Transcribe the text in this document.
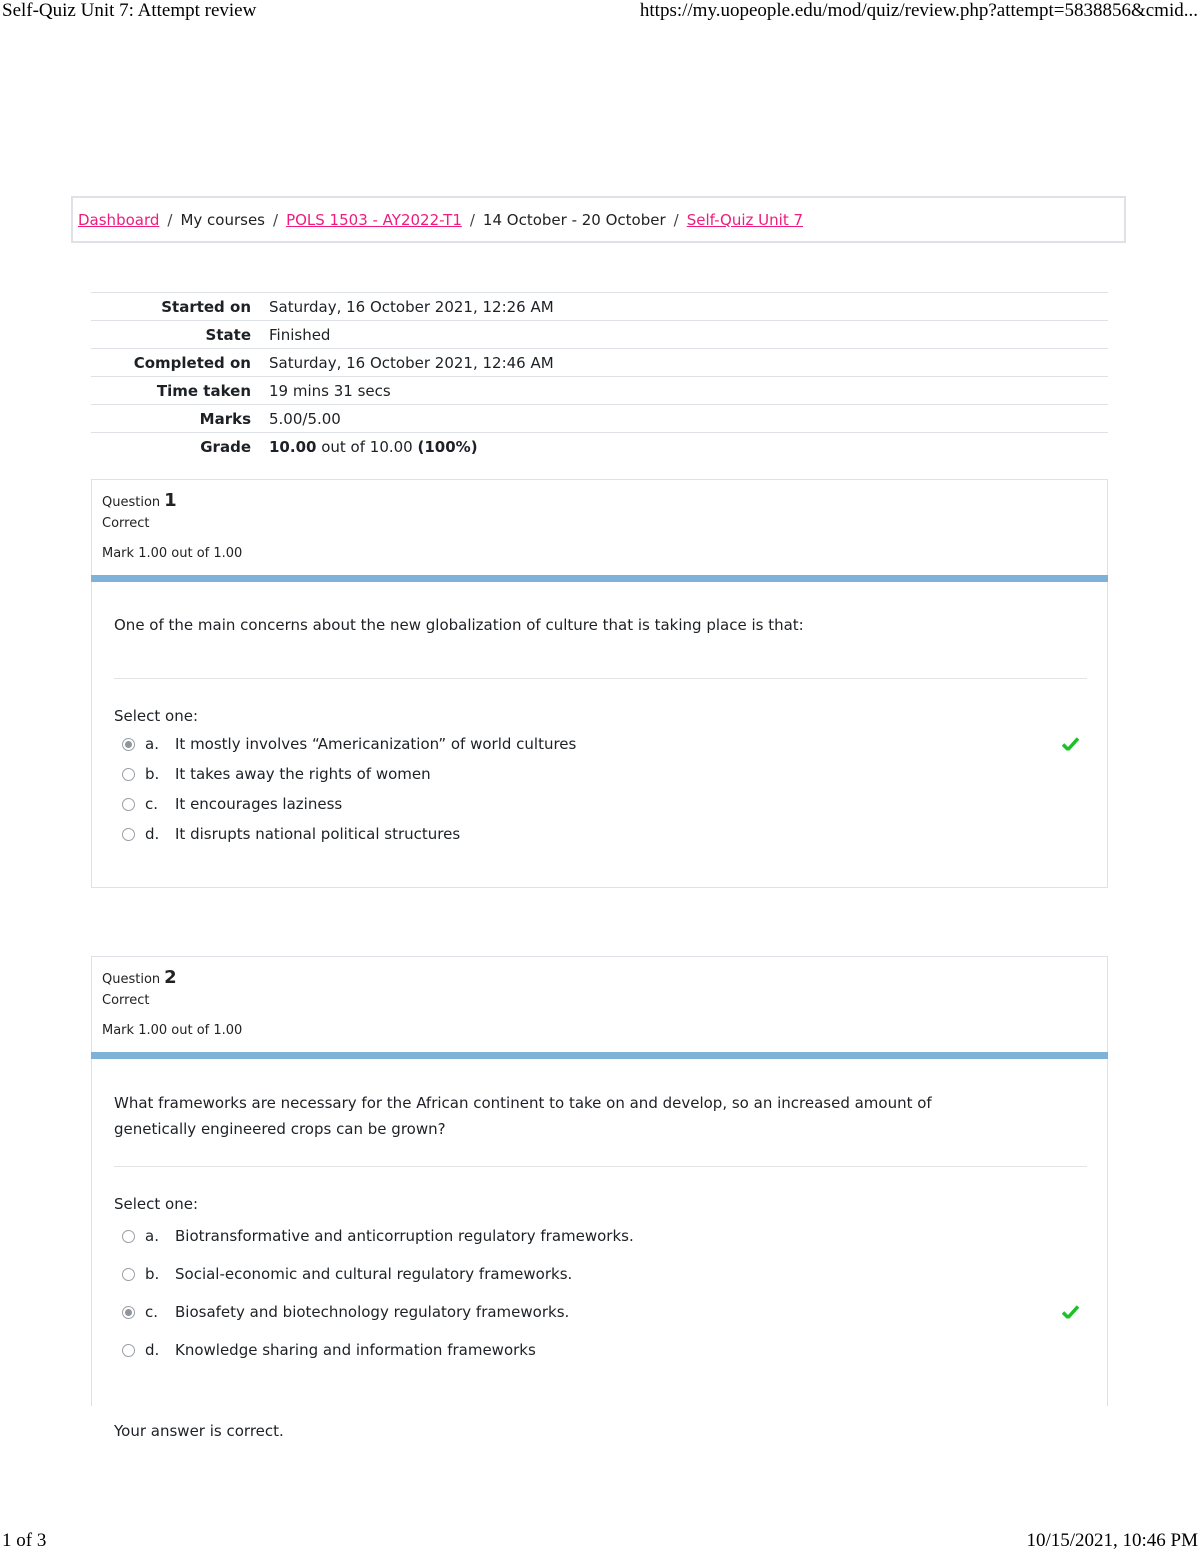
Self-Quiz Unit 7: Attempt review	https://my.uopeople.edu/mod/quiz/review.php?attempt=5838856&cmid...
Dashboard / My courses / POLS 1503 - AY2022-T1 / 14 October - 20 October / Self-Quiz Unit 7
Started on	Saturday, 16 October 2021, 12:26 AM
State	Finished
Completed on	Saturday, 16 October 2021, 12:46 AM
Time taken	19 mins 31 secs
Marks	5.00/5.00
Grade	10.00 out of 10.00 (100%)
Question 1
Correct
Mark 1.00 out of 1.00
One of the main concerns about the new globalization of culture that is taking place is that:
Select one:
a.	It mostly involves “Americanization” of world cultures
b.	It takes away the rights of women
c.	It encourages laziness
d.	It disrupts national political structures
Question 2
Correct
Mark 1.00 out of 1.00
What frameworks are necessary for the African continent to take on and develop, so an increased amount of genetically engineered crops can be grown?
Select one:
a.	Biotransformative and anticorruption regulatory frameworks.
b.	Social-economic and cultural regulatory frameworks.
c.	Biosafety and biotechnology regulatory frameworks.
d.	Knowledge sharing and information frameworks
Your answer is correct.
1 of 3	10/15/2021, 10:46 PM
